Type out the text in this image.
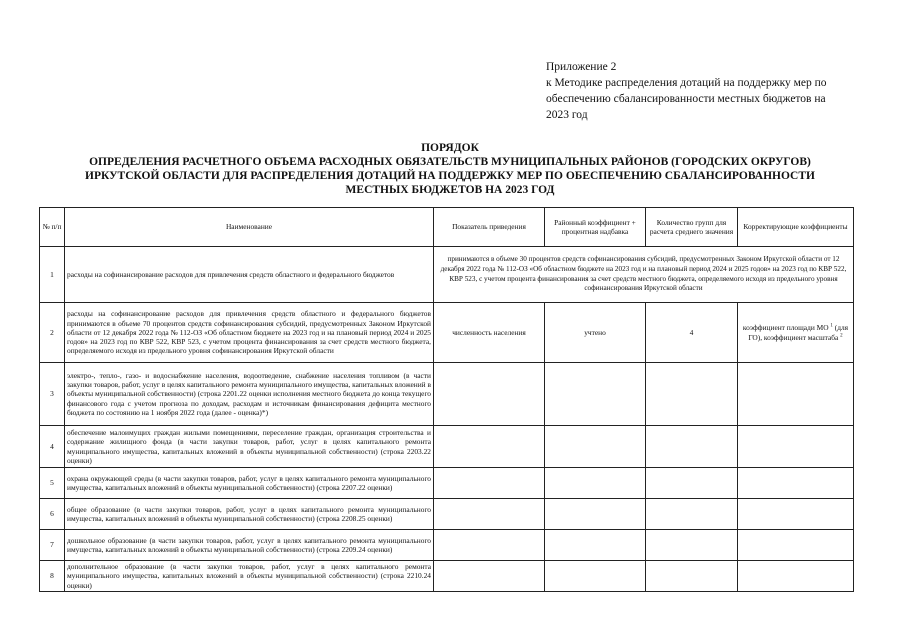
Приложение 2
к Методике распределения дотаций на поддержку мер по
обеспечению сбалансированности местных бюджетов на
2023 год
ПОРЯДОК
ОПРЕДЕЛЕНИЯ РАСЧЕТНОГО ОБЪЕМА РАСХОДНЫХ ОБЯЗАТЕЛЬСТВ МУНИЦИПАЛЬНЫХ РАЙОНОВ (ГОРОДСКИХ ОКРУГОВ)
ИРКУТСКОЙ ОБЛАСТИ ДЛЯ РАСПРЕДЕЛЕНИЯ ДОТАЦИЙ НА ПОДДЕРЖКУ МЕР ПО ОБЕСПЕЧЕНИЮ СБАЛАНСИРОВАННОСТИ
МЕСТНЫХ БЮДЖЕТОВ НА 2023 ГОД
№ п/п	Наименование	Показатель приведения	Районный коэффициент + процентная надбавка	Количество групп для расчета среднего значения	Корректирующие коэффициенты
1	расходы на софинансирование расходов для привлечения средств областного и федерального бюджетов	принимаются в объеме 30 процентов средств софинансирования субсидий, предусмотренных Законом Иркутской области от 12 декабря 2022 года № 112-ОЗ «Об областном бюджете на 2023 год и на плановый период 2024 и 2025 годов» на 2023 год по КВР 522, КВР 523, с учетом процента финансирования за счет средств местного бюджета, определяемого исходя из предельного уровня софинансирования Иркутской области			
2	расходы на софинансирование расходов для привлечения средств областного и федерального бюджетов принимаются в объеме 70 процентов средств софинансирования субсидий, предусмотренных Законом Иркутской области от 12 декабря 2022 года № 112-ОЗ «Об областном бюджете на 2023 год и на плановый период 2024 и 2025 годов» на 2023 год по КВР 522, КВР 523, с учетом процента финансирования за счет средств местного бюджета, определяемого исходя из предельного уровня софинансирования Иркутской области	численность населения	учтено	4	коэффициент площади МО $^1$ (для ГО), коэффициент масштаба $^2$
3	электро-, тепло-, газо- и водоснабжение населения, водоотведение, снабжение населения топливом (в части закупки товаров, работ, услуг в целях капитального ремонта муниципального имущества, капитальных вложений в объекты муниципальной собственности) (строка 2201.22 оценки исполнения местного бюджета до конца текущего финансового года с учетом прогноза по доходам, расходам и источникам финансирования дефицита местного бюджета по состоянию на 1 ноября 2022 года (далее - оценка)*)				
4	обеспечение малоимущих граждан жилыми помещениями, переселение граждан, организация строительства и содержание жилищного фонда (в части закупки товаров, работ, услуг в целях капитального ремонта муниципального имущества, капитальных вложений в объекты муниципальной собственности) (строка 2203.22 оценки)				
5	охрана окружающей среды (в части закупки товаров, работ, услуг в целях капитального ремонта муниципального имущества, капитальных вложений в объекты муниципальной собственности) (строка 2207.22 оценки)				
6	общее образование (в части закупки товаров, работ, услуг в целях капитального ремонта муниципального имущества, капитальных вложений в объекты муниципальной собственности) (строка 2208.25 оценки)				
7	дошкольное образование (в части закупки товаров, работ, услуг в целях капитального ремонта муниципального имущества, капитальных вложений в объекты муниципальной собственности) (строка 2209.24 оценки)				
8	дополнительное образование (в части закупки товаров, работ, услуг в целях капитального ремонта муниципального имущества, капитальных вложений в объекты муниципальной собственности) (строка 2210.24 оценки)				
